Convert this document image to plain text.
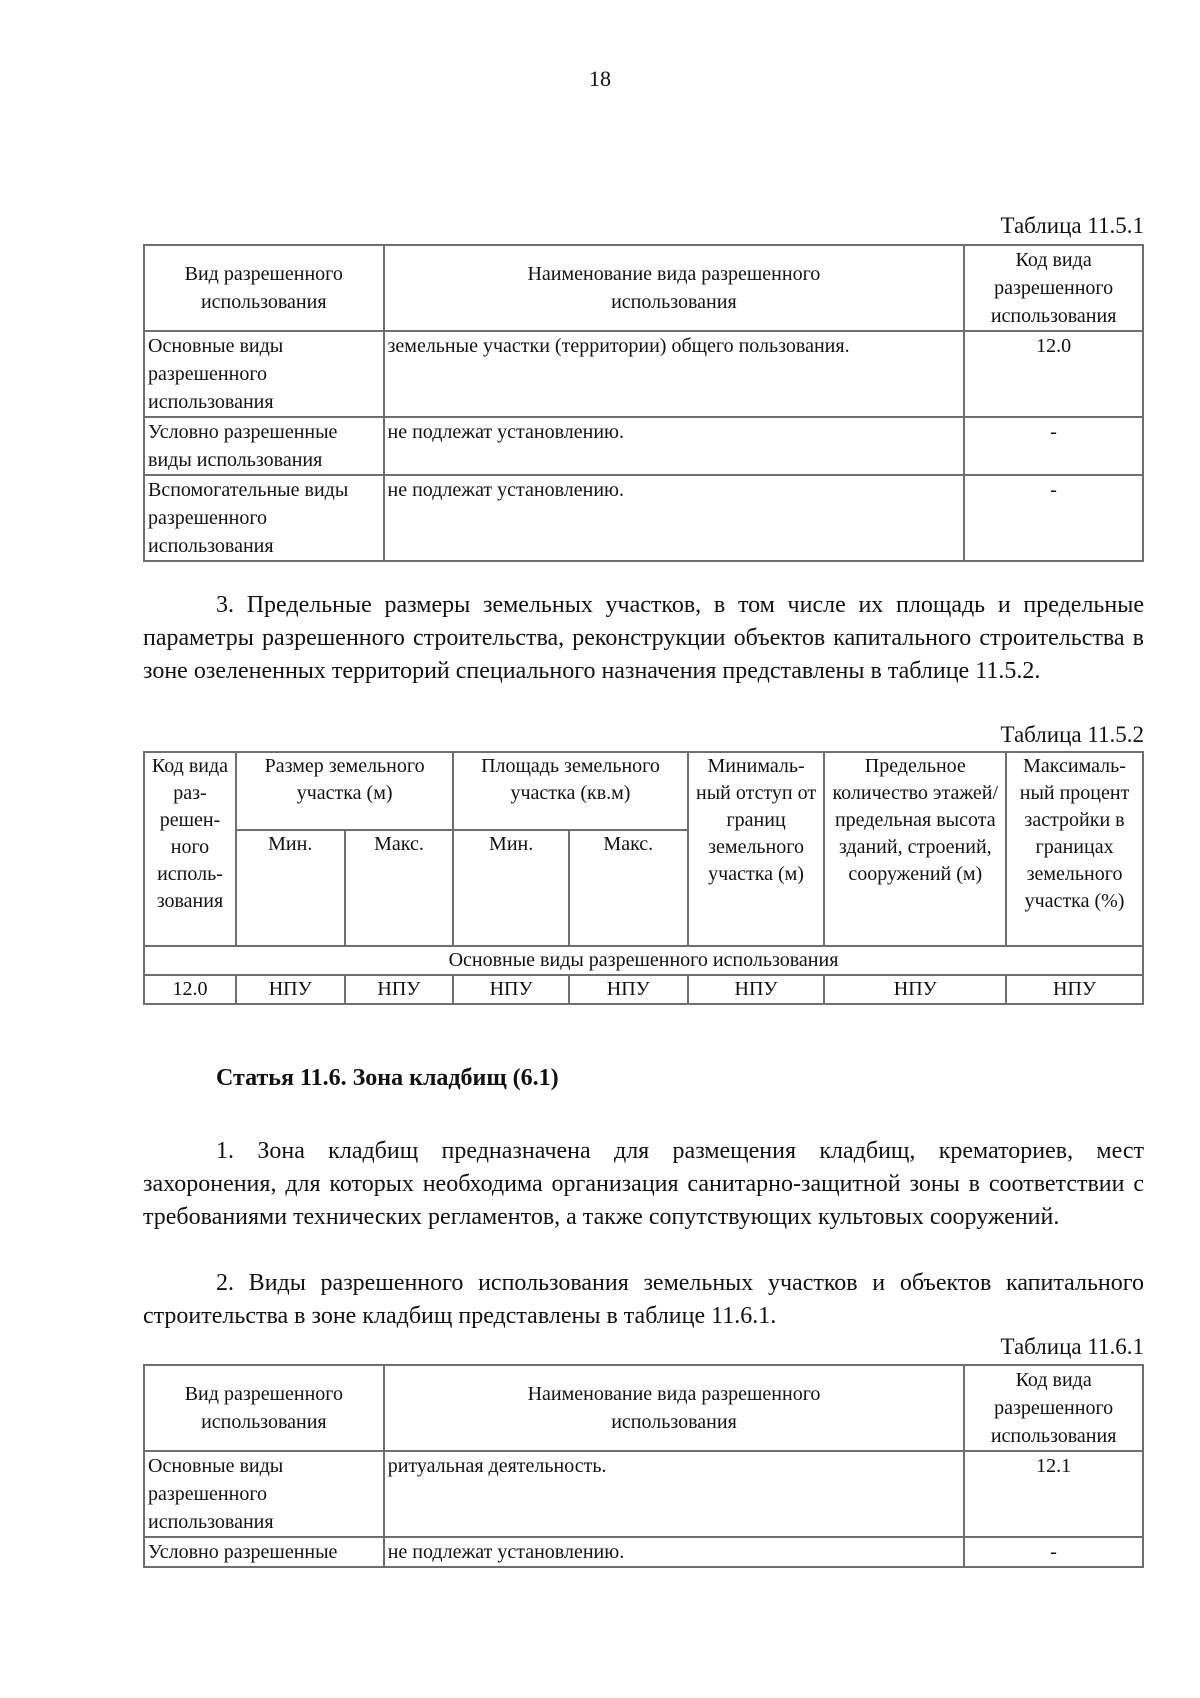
18
Таблица 11.5.1
Вид разрешенного использования	Наименование вида разрешенного использования	Код вида разрешенного использования
Основные виды разрешенного использования	земельные участки (территории) общего пользования.	12.0
Условно разрешенные виды использования	не подлежат установлению.	-
Вспомогательные виды разрешенного использования	не подлежат установлению.	-
3. Предельные размеры земельных участков, в том числе их площадь и предельные параметры разрешенного строительства, реконструкции объектов капитального строительства в зоне озелененных территорий специального назначения представлены в таблице 11.5.2.
Таблица 11.5.2
Код вида раз-решен-ного исполь-зования	Размер земельного участка (м)		Площадь земельного участка (кв.м)		Минималь-ный отступ от границ земельного участка (м)	Предельное количество этажей/ предельная высота зданий, строений, сооружений (м)	Максималь-ный процент застройки в границах земельного участка (%)
	Мин.	Макс.	Мин.	Макс.			
Основные виды разрешенного использования							
12.0	НПУ	НПУ	НПУ	НПУ	НПУ	НПУ	НПУ
Статья 11.6. Зона кладбищ (6.1)
1. Зона кладбищ предназначена для размещения кладбищ, крематориев, мест захоронения, для которых необходима организация санитарно-защитной зоны в соответствии с требованиями технических регламентов, а также сопутствующих культовых сооружений.
2. Виды разрешенного использования земельных участков и объектов капитального строительства в зоне кладбищ представлены в таблице 11.6.1.
Таблица 11.6.1
Вид разрешенного использования	Наименование вида разрешенного использования	Код вида разрешенного использования
Основные виды разрешенного использования	ритуальная деятельность.	12.1
Условно разрешенные	не подлежат установлению.	-
